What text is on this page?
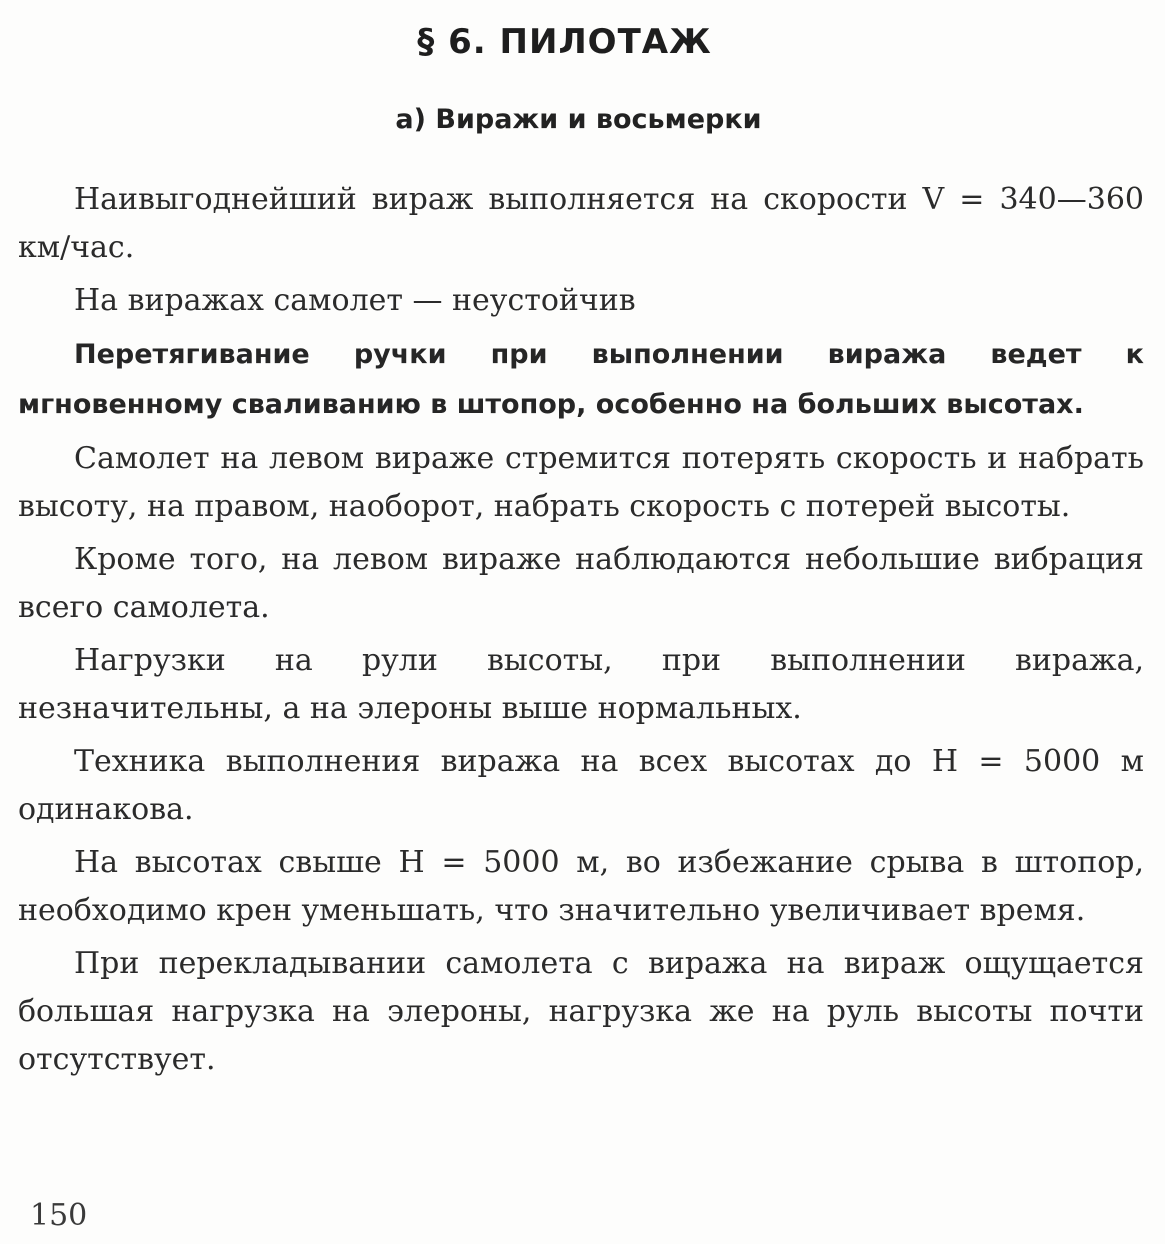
§ 6. ПИЛОТАЖ
а) Виражи и восьмерки

Наивыгоднейший вираж выполняется на скорости V = 340—360 км/час.

На виражах самолет — неустойчив

Перетягивание ручки при выполнении виража ведет к мгновенному сваливанию в штопор, особенно на больших высотах.

Самолет на левом вираже стремится потерять скорость и набрать высоту, на правом, наоборот, набрать скорость с потерей высоты.

Кроме того, на левом вираже наблюдаются небольшие вибрация всего самолета.

Нагрузки на рули высоты, при выполнении виража, незначительны, а на элероны выше нормальных.

Техника выполнения виража на всех высотах до H = 5000 м одинакова.

На высотах свыше H = 5000 м, во избежание срыва в штопор, необходимо крен уменьшать, что значительно увеличивает время.

При перекладывании самолета с виража на вираж ощущается большая нагрузка на элероны, нагрузка же на руль высоты почти отсутствует.

150
